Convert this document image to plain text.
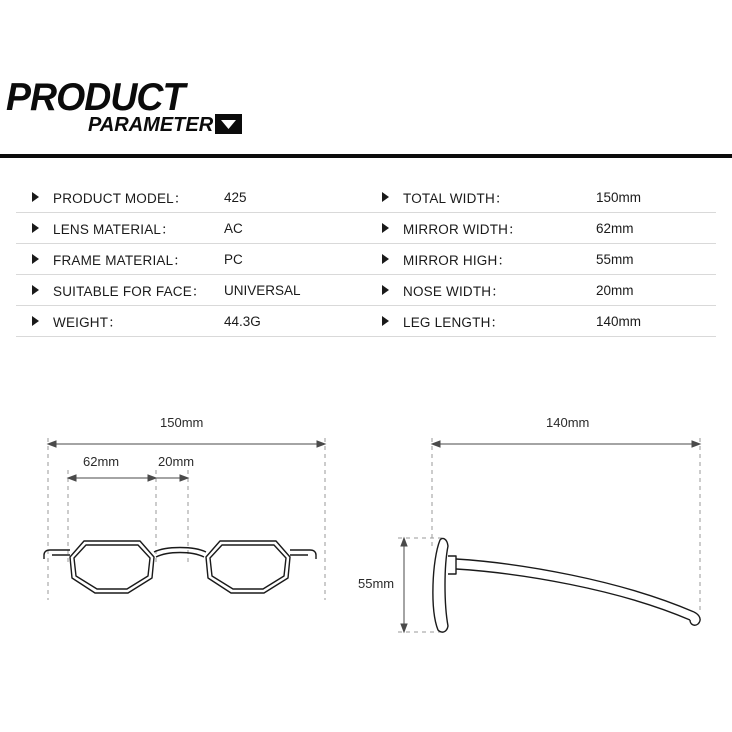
PRODUCT
PARAMETER
PRODUCT MODEL：	425	TOTAL WIDTH：	150mm
LENS MATERIAL：	AC	MIRROR WIDTH：	62mm
FRAME MATERIAL：	PC	MIRROR HIGH：	55mm
SUITABLE FOR FACE： UNIVERSAL	NOSE WIDTH：	20mm
WEIGHT：	44.3G	LEG LENGTH：	140mm
150mm
62mm	20mm
140mm
55mm
